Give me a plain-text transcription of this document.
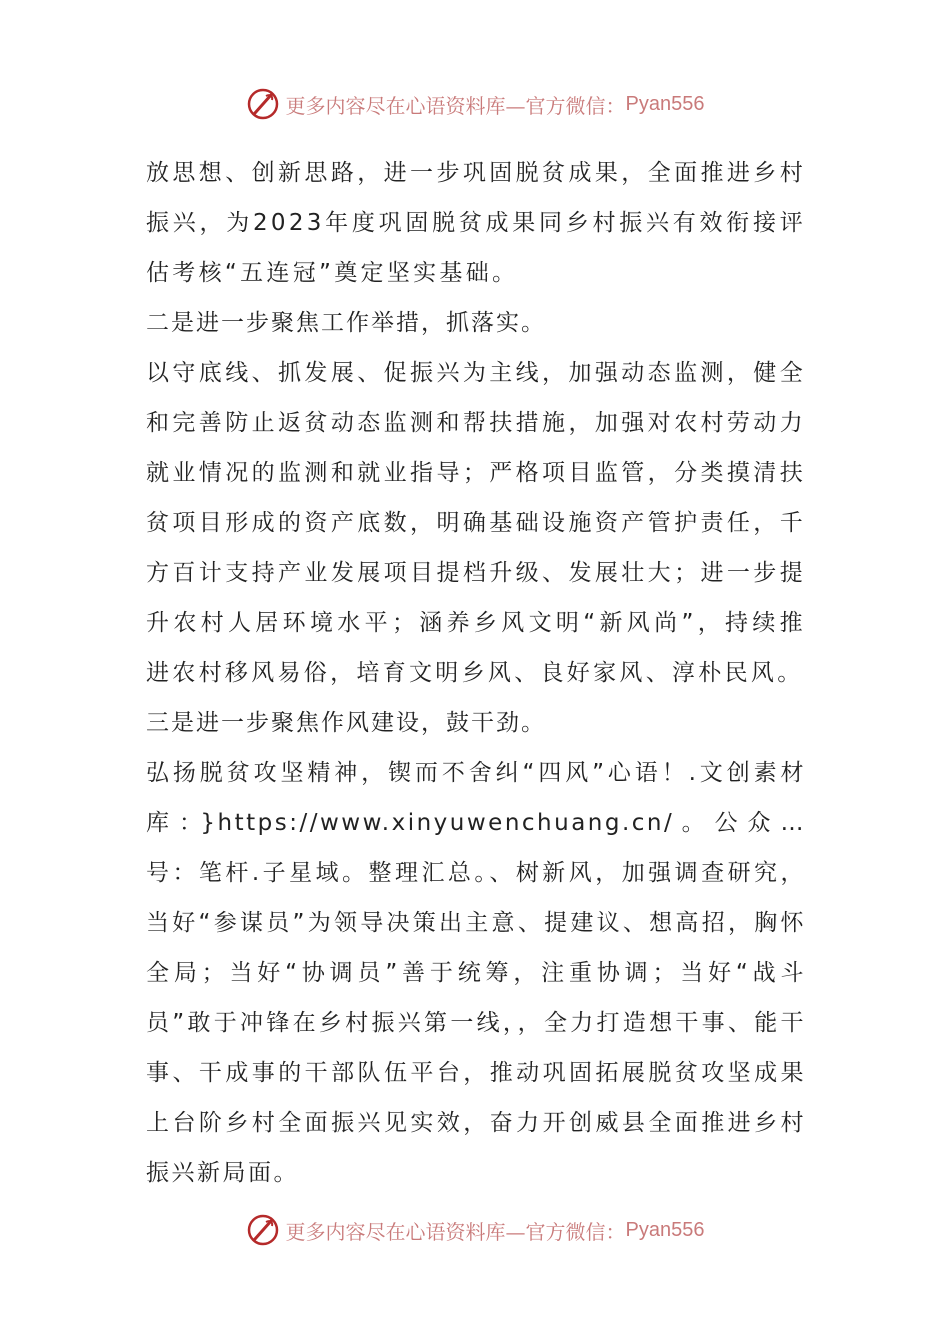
更多内容尽在心语资料库—官方微信： Pyan556

放思想、创新思路，进一步巩固脱贫成果，全面推进乡村振兴，为2023年度巩固脱贫成果同乡村振兴有效衔接评估考核“五连冠”奠定坚实基础。

二是进一步聚焦工作举措，抓落实。

以守底线、抓发展、促振兴为主线，加强动态监测，健全和完善防止返贫动态监测和帮扶措施，加强对农村劳动力就业情况的监测和就业指导；严格项目监管，分类摸清扶贫项目形成的资产底数，明确基础设施资产管护责任，千方百计支持产业发展项目提档升级、发展壮大；进一步提升农村人居环境水平；涵养乡风文明“新风尚”，持续推进农村移风易俗，培育文明乡风、良好家风、淳朴民风。

三是进一步聚焦作风建设，鼓干劲。

弘扬脱贫攻坚精神，锲而不舍纠“四风”心语！.文创素材库：}https://www.xinyuwenchuang.cn/。公众…号：笔杆.子星域。整理汇总。、树新风，加强调查研究，当好“参谋员”为领导决策出主意、提建议、想高招，胸怀全局；当好“协调员”善于统筹，注重协调；当好“战斗员”敢于冲锋在乡村振兴第一线，，全力打造想干事、能干事、干成事的干部队伍平台，推动巩固拓展脱贫攻坚成果上台阶乡村全面振兴见实效，奋力开创威县全面推进乡村振兴新局面。

更多内容尽在心语资料库—官方微信： Pyan556
